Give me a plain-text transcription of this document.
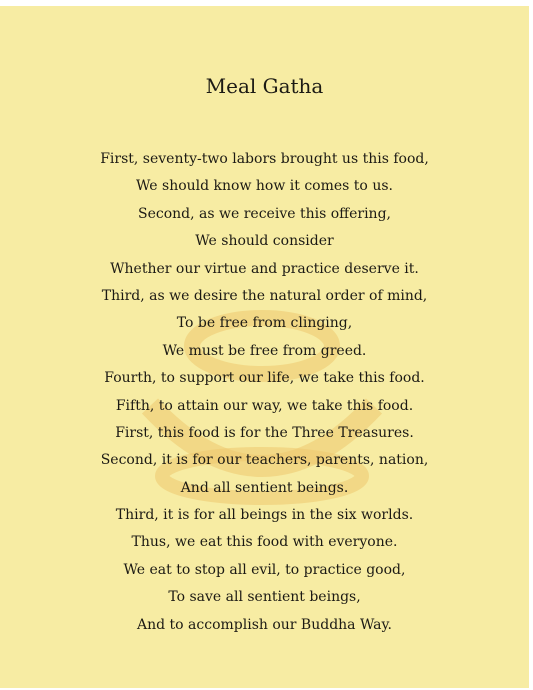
Meal Gatha
First, seventy-two labors brought us this food,
We should know how it comes to us.
Second, as we receive this offering,
We should consider
Whether our virtue and practice deserve it.
Third, as we desire the natural order of mind,
To be free from clinging,
We must be free from greed.
Fourth, to support our life, we take this food.
Fifth, to attain our way, we take this food.
First, this food is for the Three Treasures.
Second, it is for our teachers, parents, nation,
And all sentient beings.
Third, it is for all beings in the six worlds.
Thus, we eat this food with everyone.
We eat to stop all evil, to practice good,
To save all sentient beings,
And to accomplish our Buddha Way.
